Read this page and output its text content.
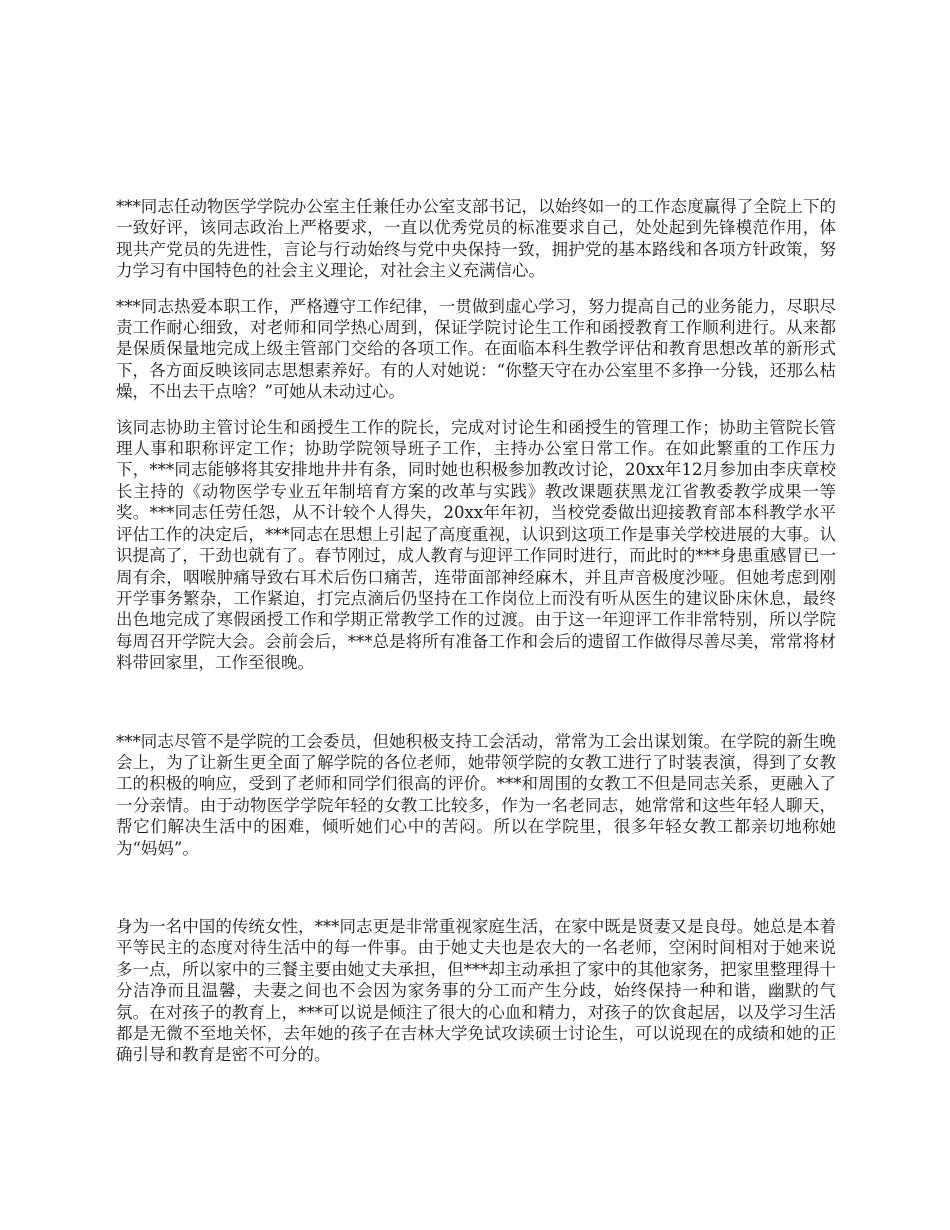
***同志任动物医学学院办公室主任兼任办公室支部书记，以始终如一的工作态度赢得了全院上下的一致好评，该同志政治上严格要求，一直以优秀党员的标准要求自己，处处起到先锋模范作用，体现共产党员的先进性，言论与行动始终与党中央保持一致，拥护党的基本路线和各项方针政策，努力学习有中国特色的社会主义理论，对社会主义充满信心。

***同志热爱本职工作，严格遵守工作纪律，一贯做到虚心学习，努力提高自己的业务能力，尽职尽责工作耐心细致，对老师和同学热心周到，保证学院讨论生工作和函授教育工作顺利进行。从来都是保质保量地完成上级主管部门交给的各项工作。在面临本科生教学评估和教育思想改革的新形式下，各方面反映该同志思想素养好。有的人对她说：“你整天守在办公室里不多挣一分钱，还那么枯燥，不出去干点啥？”可她从未动过心。

该同志协助主管讨论生和函授生工作的院长，完成对讨论生和函授生的管理工作；协助主管院长管理人事和职称评定工作；协助学院领导班子工作，主持办公室日常工作。在如此繁重的工作压力下，***同志能够将其安排地井井有条，同时她也积极参加教改讨论，20xx年12月参加由李庆章校长主持的《动物医学专业五年制培育方案的改革与实践》教改课题获黑龙江省教委教学成果一等奖。***同志任劳任怨，从不计较个人得失，20xx年年初，当校党委做出迎接教育部本科教学水平评估工作的决定后，***同志在思想上引起了高度重视，认识到这项工作是事关学校进展的大事。认识提高了，干劲也就有了。春节刚过，成人教育与迎评工作同时进行，而此时的***身患重感冒已一周有余，咽喉肿痛导致右耳术后伤口痛苦，连带面部神经麻木，并且声音极度沙哑。但她考虑到刚开学事务繁杂，工作紧迫，打完点滴后仍坚持在工作岗位上而没有听从医生的建议卧床休息，最终出色地完成了寒假函授工作和学期正常教学工作的过渡。由于这一年迎评工作非常特别，所以学院每周召开学院大会。会前会后，***总是将所有准备工作和会后的遗留工作做得尽善尽美，常常将材料带回家里，工作至很晚。

***同志尽管不是学院的工会委员，但她积极支持工会活动，常常为工会出谋划策。在学院的新生晚会上，为了让新生更全面了解学院的各位老师，她带领学院的女教工进行了时装表演，得到了女教工的积极的响应，受到了老师和同学们很高的评价。***和周围的女教工不但是同志关系，更融入了一分亲情。由于动物医学学院年轻的女教工比较多，作为一名老同志，她常常和这些年轻人聊天，帮它们解决生活中的困难，倾听她们心中的苦闷。所以在学院里，很多年轻女教工都亲切地称她为“妈妈”。

身为一名中国的传统女性，***同志更是非常重视家庭生活，在家中既是贤妻又是良母。她总是本着平等民主的态度对待生活中的每一件事。由于她丈夫也是农大的一名老师，空闲时间相对于她来说多一点，所以家中的三餐主要由她丈夫承担，但***却主动承担了家中的其他家务，把家里整理得十分洁净而且温馨，夫妻之间也不会因为家务事的分工而产生分歧，始终保持一种和谐，幽默的气氛。在对孩子的教育上，***可以说是倾注了很大的心血和精力，对孩子的饮食起居，以及学习生活都是无微不至地关怀，去年她的孩子在吉林大学免试攻读硕士讨论生，可以说现在的成绩和她的正确引导和教育是密不可分的。
